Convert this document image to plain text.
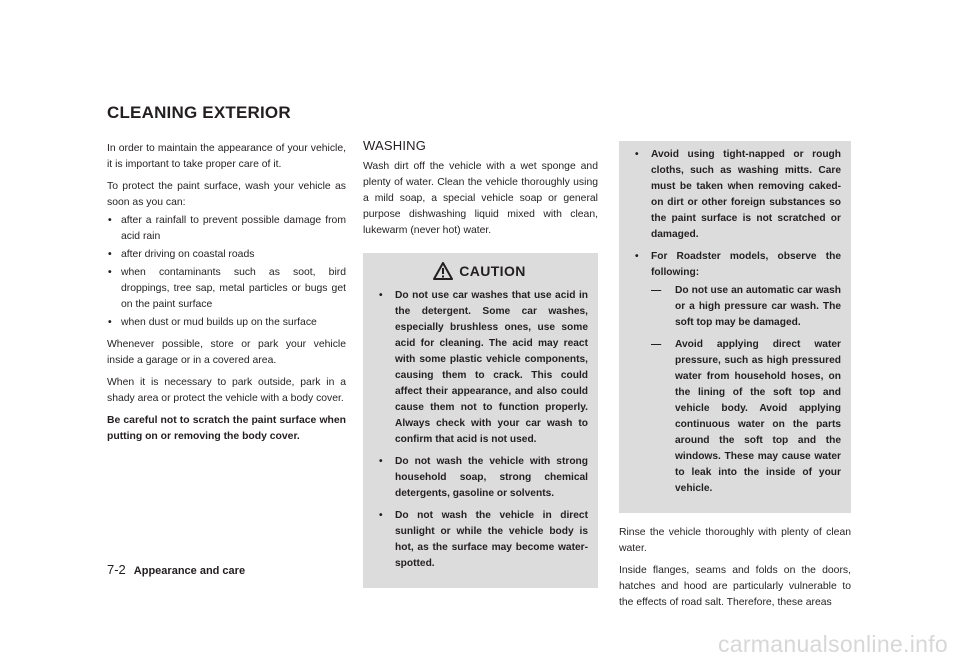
CLEANING EXTERIOR

In order to maintain the appearance of your vehicle, it is important to take proper care of it.

To protect the paint surface, wash your vehicle as soon as you can:

• after a rainfall to prevent possible damage from acid rain
• after driving on coastal roads
• when contaminants such as soot, bird droppings, tree sap, metal particles or bugs get on the paint surface
• when dust or mud builds up on the surface

Whenever possible, store or park your vehicle inside a garage or in a covered area.

When it is necessary to park outside, park in a shady area or protect the vehicle with a body cover.

Be careful not to scratch the paint surface when putting on or removing the body cover.

WASHING

Wash dirt off the vehicle with a wet sponge and plenty of water. Clean the vehicle thoroughly using a mild soap, a special vehicle soap or general purpose dishwashing liquid mixed with clean, lukewarm (never hot) water.

CAUTION
• Do not use car washes that use acid in the detergent. Some car washes, especially brushless ones, use some acid for cleaning. The acid may react with some plastic vehicle components, causing them to crack. This could affect their appearance, and also could cause them not to function properly. Always check with your car wash to confirm that acid is not used.
• Do not wash the vehicle with strong household soap, strong chemical detergents, gasoline or solvents.
• Do not wash the vehicle in direct sunlight or while the vehicle body is hot, as the surface may become water-spotted.
• Avoid using tight-napped or rough cloths, such as washing mitts. Care must be taken when removing caked-on dirt or other foreign substances so the paint surface is not scratched or damaged.
• For Roadster models, observe the following:
— Do not use an automatic car wash or a high pressure car wash. The soft top may be damaged.
— Avoid applying direct water pressure, such as high pressured water from household hoses, on the lining of the soft top and vehicle body. Avoid applying continuous water on the parts around the soft top and the windows. These may cause water to leak into the inside of your vehicle.

Rinse the vehicle thoroughly with plenty of clean water.

Inside flanges, seams and folds on the doors, hatches and hood are particularly vulnerable to the effects of road salt. Therefore, these areas

7-2 Appearance and care
carmanualsonline.info
